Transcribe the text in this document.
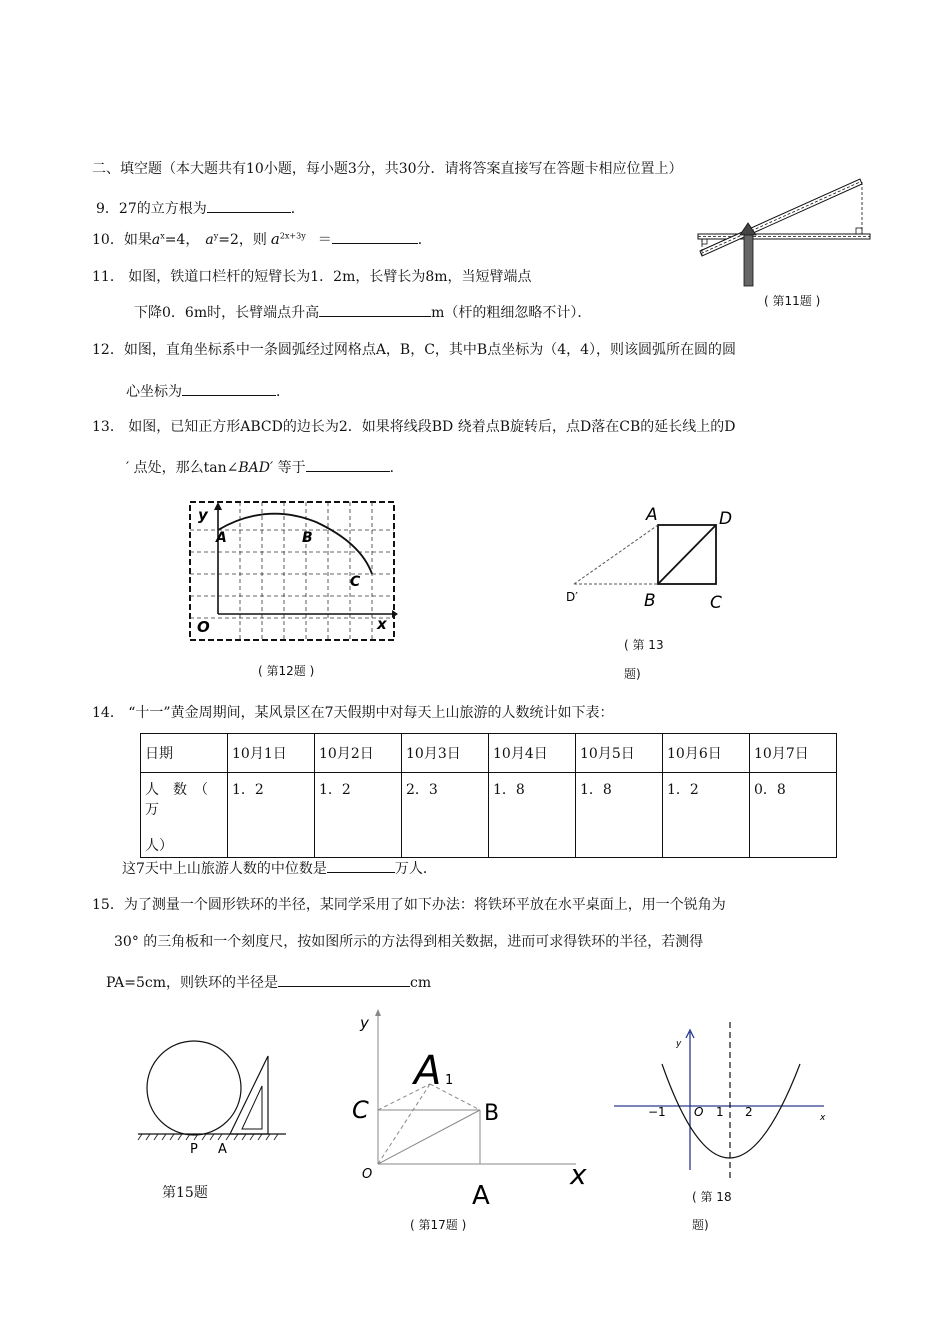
二、填空题（本大题共有10小题，每小题3分，共30分．请将答案直接写在答题卡相应位置上）
9．27的立方根为	．
10．如果$a^x=4$， $a^y=2$，则 $a^{2x+3y}$ ＝	．
11． 如图，铁道口栏杆的短臂长为1．2m，长臂长为8m，当短臂端点
下降0．6m时，长臂端点升高	m（杆的粗细忽略不计）．
( 第11题 )
12．如图，直角坐标系中一条圆弧经过网格点A，B，C，其中B点坐标为（4，4），则该圆弧所在圆的圆
心坐标为	．
13． 如图，已知正方形ABCD的边长为2．如果将线段BD 绕着点B旋转后，点D落在CB的延长线上的D
′ 点处，那么tan∠BAD′ 等于	．
y
x
O
A	B
C
( 第12题 )
A	D
B	C
D′
( 第 13
题)
14． “十一”黄金周期间，某风景区在7天假期中对每天上山旅游的人数统计如下表：
日期	10月1日	10月2日	10月3日	10月4日	10月5日	10月6日	10月7日

人　数　（　万
人）	1．2	1．2	2．3	1．8	1．8	1．2	0．8
这7天中上山旅游人数的中位数是	万人．
15．为了测量一个圆形铁环的半径，某同学采用了如下办法：将铁环平放在水平桌面上，用一个锐角为
30° 的三角板和一个刻度尺，按如图所示的方法得到相关数据，进而可求得铁环的半径，若测得
PA=5cm，则铁环的半径是	cm
P A
第15题
y
x
O
A 1
C	B
A
( 第17题 )
y
x
O
−1	1 2
( 第 18
题)
